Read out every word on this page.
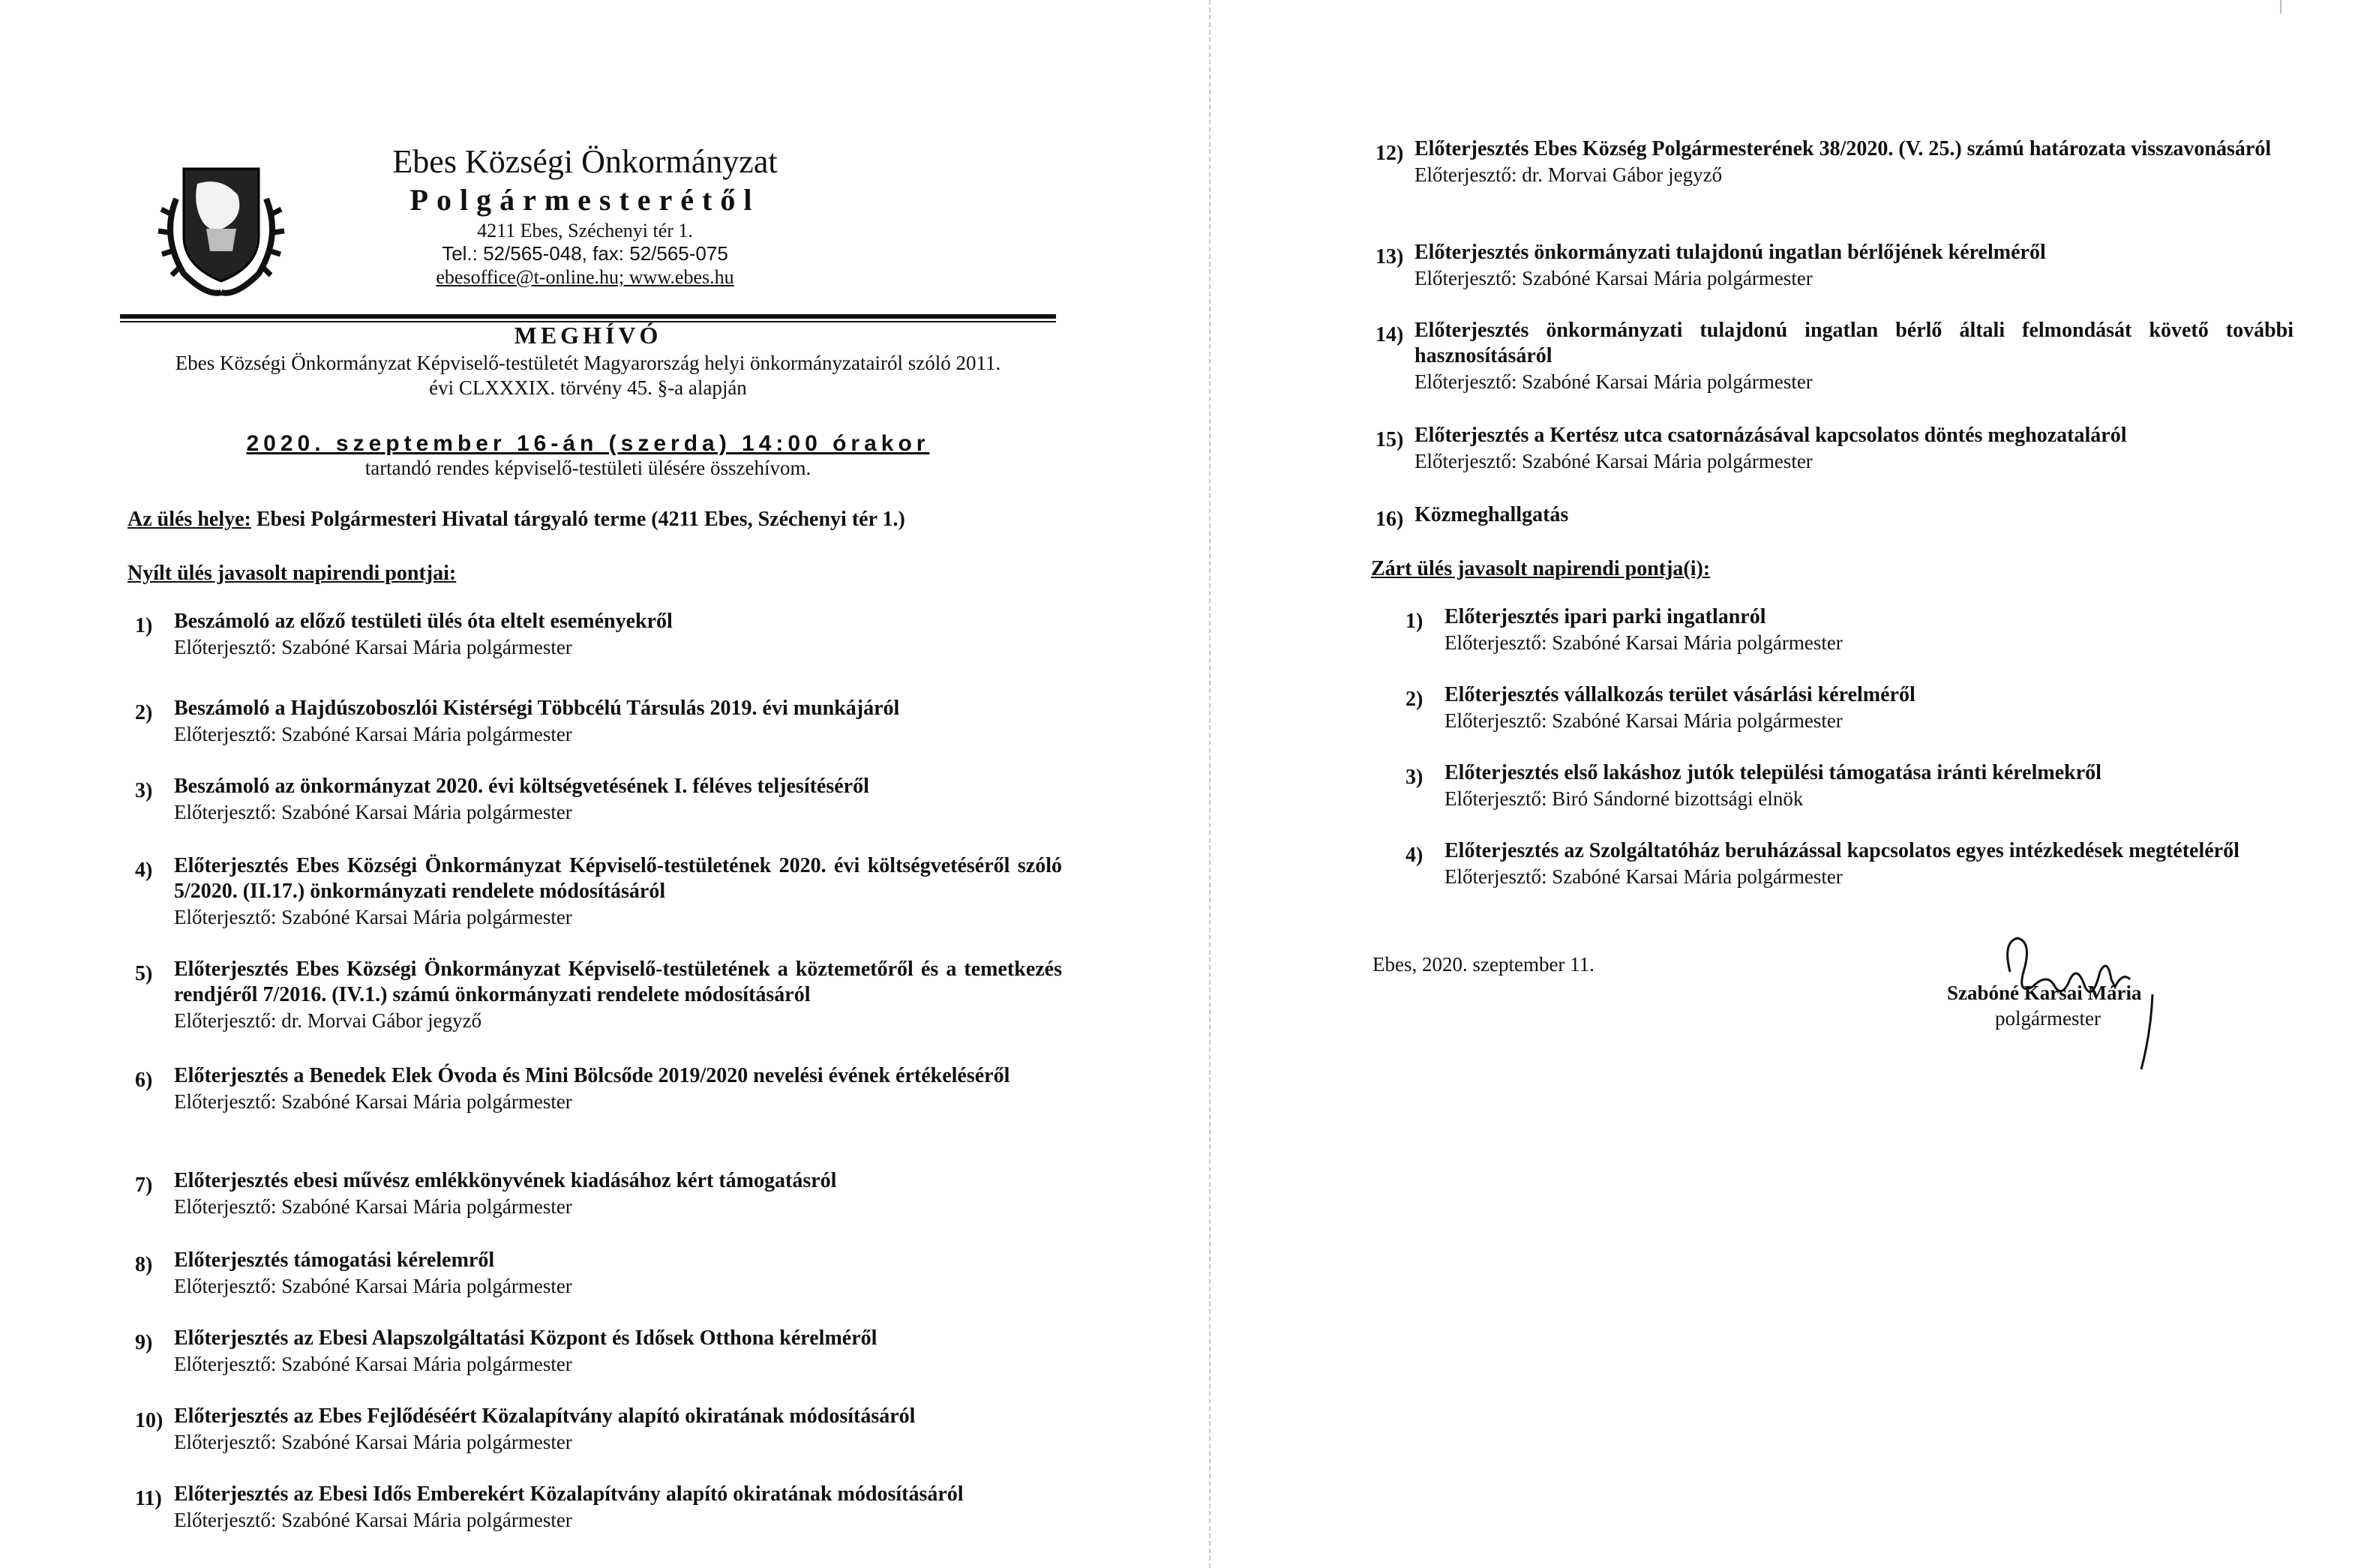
Ebes Községi Önkormányzat
Polgármesterétől
4211 Ebes, Széchenyi tér 1.
Tel.: 52/565-048, fax: 52/565-075
ebesoffice@t-online.hu; www.ebes.hu
MEGHÍVÓ
Ebes Községi Önkormányzat Képviselő-testületét Magyarország helyi önkormányzatairól szóló 2011. évi CLXXXIX. törvény 45. §-a alapján
2020. szeptember 16-án (szerda) 14:00 órakor
tartandó rendes képviselő-testületi ülésére összehívom.
Az ülés helye: Ebesi Polgármesteri Hivatal tárgyaló terme (4211 Ebes, Széchenyi tér 1.)
Nyílt ülés javasolt napirendi pontjai:
1) Beszámoló az előző testületi ülés óta eltelt eseményekről
Előterjesztő: Szabóné Karsai Mária polgármester
2) Beszámoló a Hajdúszoboszlói Kistérségi Többcélú Társulás 2019. évi munkájáról
Előterjesztő: Szabóné Karsai Mária polgármester
3) Beszámoló az önkormányzat 2020. évi költségvetésének I. féléves teljesítéséről
Előterjesztő: Szabóné Karsai Mária polgármester
4) Előterjesztés Ebes Községi Önkormányzat Képviselő-testületének 2020. évi költségvetéséről szóló 5/2020. (II.17.) önkormányzati rendelete módosításáról
Előterjesztő: Szabóné Karsai Mária polgármester
5) Előterjesztés Ebes Községi Önkormányzat Képviselő-testületének a köztemetőről és a temetkezés rendjéről 7/2016. (IV.1.) számú önkormányzati rendelete módosításáról
Előterjesztő: dr. Morvai Gábor jegyző
6) Előterjesztés a Benedek Elek Óvoda és Mini Bölcsőde 2019/2020 nevelési évének értékeléséről
Előterjesztő: Szabóné Karsai Mária polgármester
7) Előterjesztés ebesi művész emlékkönyvének kiadásához kért támogatásról
Előterjesztő: Szabóné Karsai Mária polgármester
8) Előterjesztés támogatási kérelemről
Előterjesztő: Szabóné Karsai Mária polgármester
9) Előterjesztés az Ebesi Alapszolgáltatási Központ és Idősek Otthona kérelméről
Előterjesztő: Szabóné Karsai Mária polgármester
10) Előterjesztés az Ebes Fejlődéséért Közalapítvány alapító okiratának módosításáról
Előterjesztő: Szabóné Karsai Mária polgármester
11) Előterjesztés az Ebesi Idős Emberekért Közalapítvány alapító okiratának módosításáról
Előterjesztő: Szabóné Karsai Mária polgármester
12) Előterjesztés Ebes Község Polgármesterének 38/2020. (V. 25.) számú határozata visszavonásáról
Előterjesztő: dr. Morvai Gábor jegyző
13) Előterjesztés önkormányzati tulajdonú ingatlan bérlőjének kérelméről
Előterjesztő: Szabóné Karsai Mária polgármester
14) Előterjesztés önkormányzati tulajdonú ingatlan bérlő általi felmondását követő további hasznosításáról
Előterjesztő: Szabóné Karsai Mária polgármester
15) Előterjesztés a Kertész utca csatornázásával kapcsolatos döntés meghozataláról
Előterjesztő: Szabóné Karsai Mária polgármester
16) Közmeghallgatás
Zárt ülés javasolt napirendi pontja(i):
1) Előterjesztés ipari parki ingatlanról
Előterjesztő: Szabóné Karsai Mária polgármester
2) Előterjesztés vállalkozás terület vásárlási kérelméről
Előterjesztő: Szabóné Karsai Mária polgármester
3) Előterjesztés első lakáshoz jutók települési támogatása iránti kérelmekről
Előterjesztő: Biró Sándorné bizottsági elnök
4) Előterjesztés az Szolgáltatóház beruházással kapcsolatos egyes intézkedések megtételéről
Előterjesztő: Szabóné Karsai Mária polgármester
Ebes, 2020. szeptember 11.
Szabóné Karsai Mária
polgármester
